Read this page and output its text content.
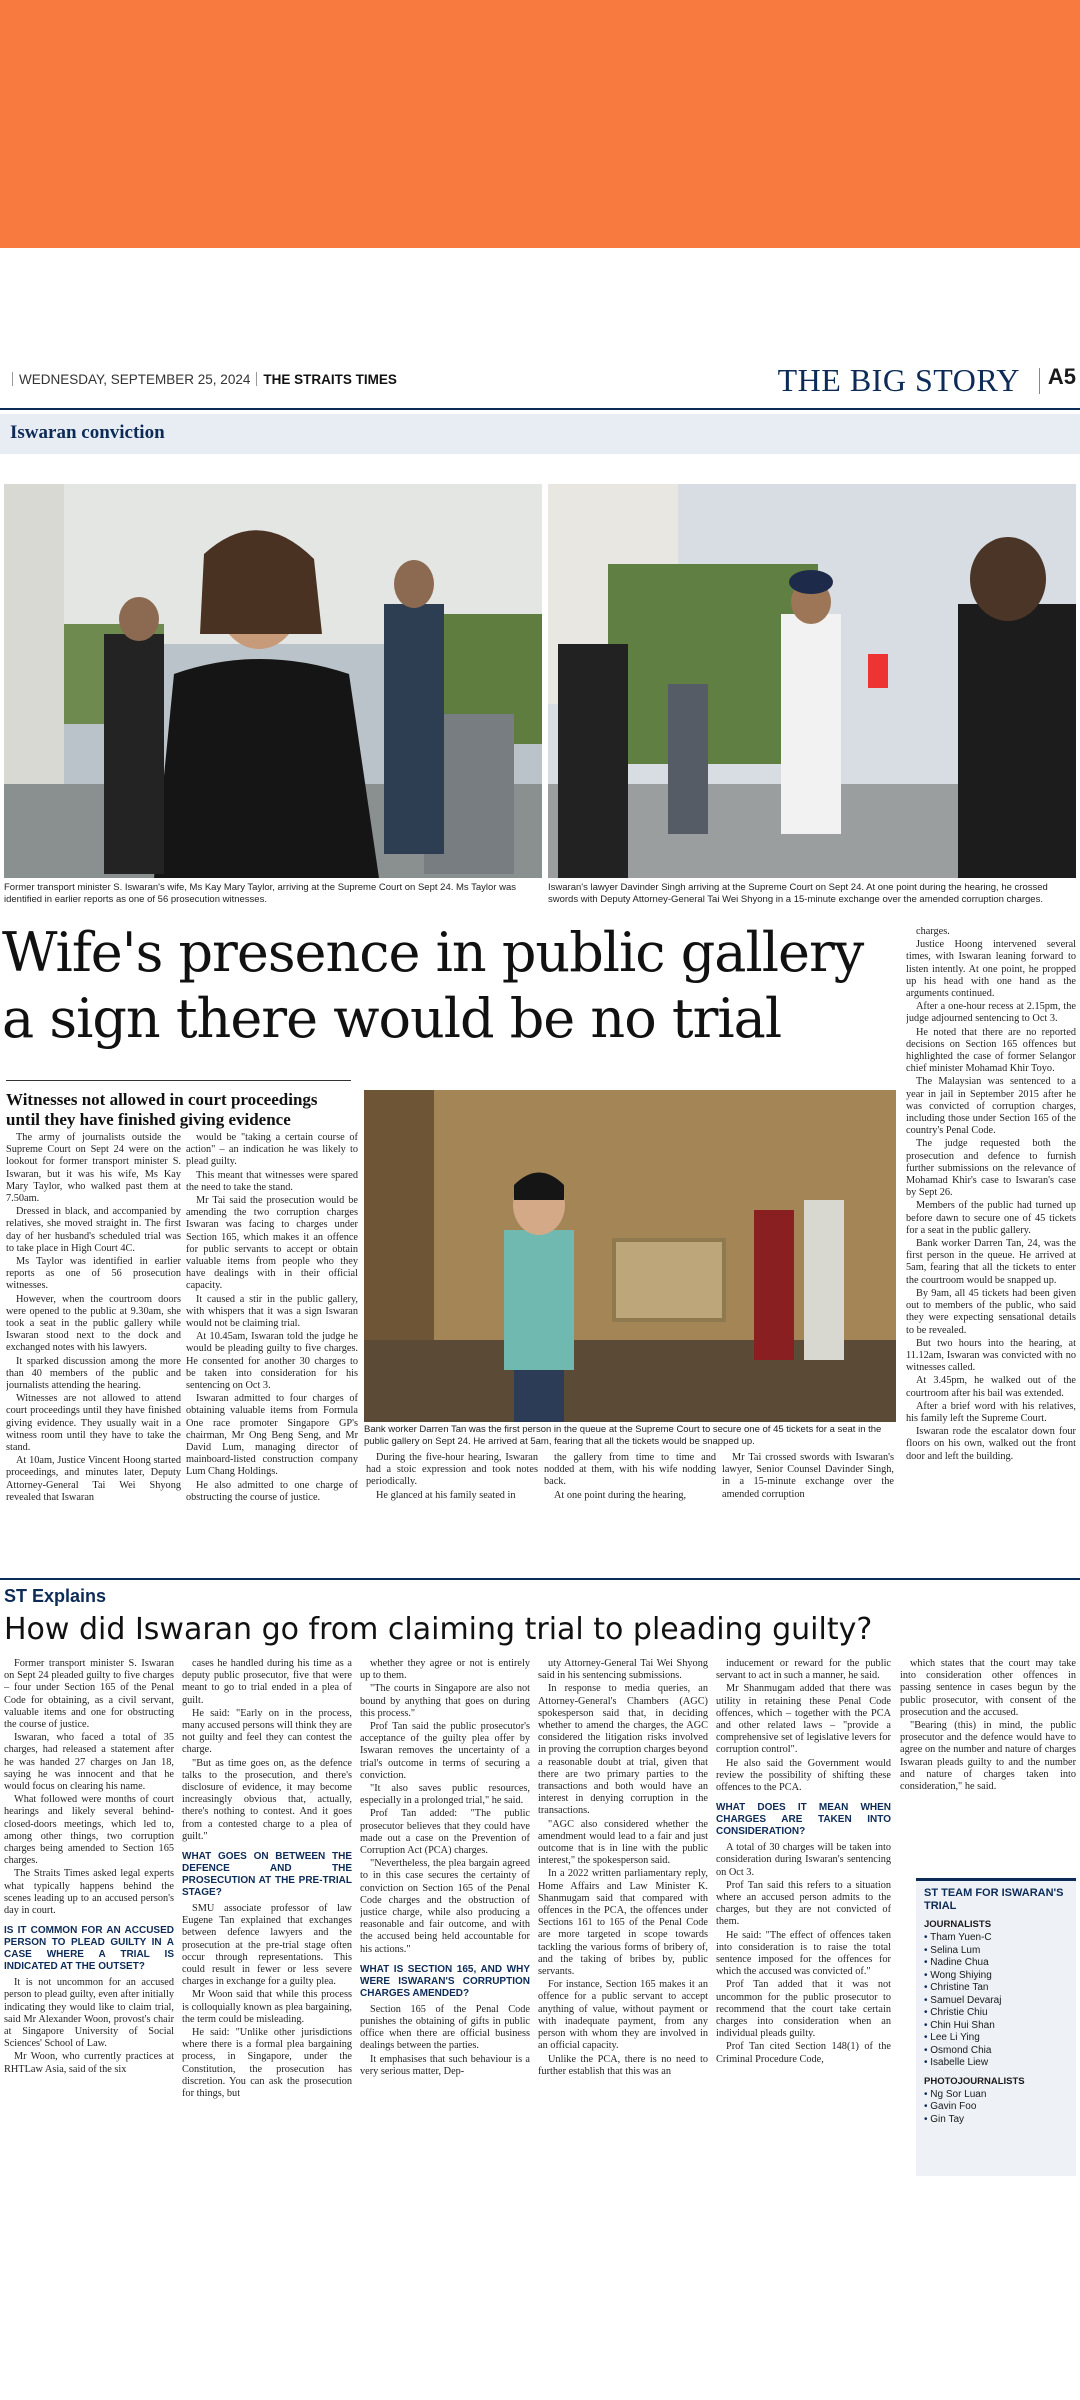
WEDNESDAY, SEPTEMBER 25, 2024 THE STRAITS TIMES	THE BIG STORY A5
Iswaran conviction
Former transport minister S. Iswaran's wife, Ms Kay Mary Taylor, arriving at the Supreme Court on Sept 24. Ms Taylor was identified in earlier reports as one of 56 prosecution witnesses.
Iswaran's lawyer Davinder Singh arriving at the Supreme Court on Sept 24. At one point during the hearing, he crossed swords with Deputy Attorney-General Tai Wei Shyong in a 15-minute exchange over the amended corruption charges.
Wife's presence in public gallery
a sign there would be no trial
Witnesses not allowed in court proceedings until they have finished giving evidence
Bank worker Darren Tan was the first person in the queue at the Supreme Court to secure one of 45 tickets for a seat in the public gallery on Sept 24. He arrived at 5am, fearing that all the tickets would be snapped up.

The army of journalists outside the Supreme Court on Sept 24 were on the lookout for former transport minister S. Iswaran, but it was his wife, Ms Kay Mary Taylor, who walked past them at 7.50am.

Dressed in black, and accompanied by relatives, she moved straight in. The first day of her husband's scheduled trial was to take place in High Court 4C.

Ms Taylor was identified in earlier reports as one of 56 prosecution witnesses.

However, when the courtroom doors were opened to the public at 9.30am, she took a seat in the public gallery while Iswaran stood next to the dock and exchanged notes with his lawyers.

It sparked discussion among the more than 40 members of the public and journalists attending the hearing.

Witnesses are not allowed to attend court proceedings until they have finished giving evidence. They usually wait in a witness room until they have to take the stand.

At 10am, Justice Vincent Hoong started proceedings, and minutes later, Deputy Attorney-General Tai Wei Shyong revealed that Iswaran

would be "taking a certain course of action" – an indication he was likely to plead guilty.

This meant that witnesses were spared the need to take the stand.

Mr Tai said the prosecution would be amending the two corruption charges Iswaran was facing to charges under Section 165, which makes it an offence for public servants to accept or obtain valuable items from people who they have dealings with in their official capacity.

It caused a stir in the public gallery, with whispers that it was a sign Iswaran would not be claiming trial.

At 10.45am, Iswaran told the judge he would be pleading guilty to five charges. He consented for another 30 charges to be taken into consideration for his sentencing on Oct 3.

Iswaran admitted to four charges of obtaining valuable items from Formula One race promoter Singapore GP's chairman, Mr Ong Beng Seng, and Mr David Lum, managing director of mainboard-listed construction company Lum Chang Holdings.

He also admitted to one charge of obstructing the course of justice.

During the five-hour hearing, Iswaran had a stoic expression and took notes periodically.

He glanced at his family seated in

the gallery from time to time and nodded at them, with his wife nodding back.

At one point during the hearing,

Mr Tai crossed swords with Iswaran's lawyer, Senior Counsel Davinder Singh, in a 15-minute exchange over the amended corruption

charges.

Justice Hoong intervened several times, with Iswaran leaning forward to listen intently. At one point, he propped up his head with one hand as the arguments continued.

After a one-hour recess at 2.15pm, the judge adjourned sentencing to Oct 3.

He noted that there are no reported decisions on Section 165 offences but highlighted the case of former Selangor chief minister Mohamad Khir Toyo.

The Malaysian was sentenced to a year in jail in September 2015 after he was convicted of corruption charges, including those under Section 165 of the country's Penal Code.

The judge requested both the prosecution and defence to furnish further submissions on the relevance of Mohamad Khir's case to Iswaran's case by Sept 26.

Members of the public had turned up before dawn to secure one of 45 tickets for a seat in the public gallery.

Bank worker Darren Tan, 24, was the first person in the queue. He arrived at 5am, fearing that all the tickets to enter the courtroom would be snapped up.

By 9am, all 45 tickets had been given out to members of the public, who said they were expecting sensational details to be revealed.

But two hours into the hearing, at 11.12am, Iswaran was convicted with no witnesses called.

At 3.45pm, he walked out of the courtroom after his bail was extended.

After a brief word with his relatives, his family left the Supreme Court.

Iswaran rode the escalator down four floors on his own, walked out the front door and left the building.

ST Explains
How did Iswaran go from claiming trial to pleading guilty?

Former transport minister S. Iswaran on Sept 24 pleaded guilty to five charges – four under Section 165 of the Penal Code for obtaining, as a civil servant, valuable items and one for obstructing the course of justice.

Iswaran, who faced a total of 35 charges, had released a statement after he was handed 27 charges on Jan 18, saying he was innocent and that he would focus on clearing his name.

What followed were months of court hearings and likely several behind-closed-doors meetings, which led to, among other things, two corruption charges being amended to Section 165 charges.

The Straits Times asked legal experts what typically happens behind the scenes leading up to an accused person's day in court.

IS IT COMMON FOR AN ACCUSED PERSON TO PLEAD GUILTY IN A CASE WHERE A TRIAL IS INDICATED AT THE OUTSET?

It is not uncommon for an accused person to plead guilty, even after initially indicating they would like to claim trial, said Mr Alexander Woon, provost's chair at Singapore University of Social Sciences' School of Law.

Mr Woon, who currently practices at RHTLaw Asia, said of the six

cases he handled during his time as a deputy public prosecutor, five that were meant to go to trial ended in a plea of guilt.

He said: "Early on in the process, many accused persons will think they are not guilty and feel they can contest the charge.

"But as time goes on, as the defence talks to the prosecution, and there's disclosure of evidence, it may become increasingly obvious that, actually, there's nothing to contest. And it goes from a contested charge to a plea of guilt."

WHAT GOES ON BETWEEN THE DEFENCE AND THE PROSECUTION AT THE PRE-TRIAL STAGE?

SMU associate professor of law Eugene Tan explained that exchanges between defence lawyers and the prosecution at the pre-trial stage often occur through representations. This could result in fewer or less severe charges in exchange for a guilty plea.

Mr Woon said that while this process is colloquially known as plea bargaining, the term could be misleading.

He said: "Unlike other jurisdictions where there is a formal plea bargaining process, in Singapore, under the Constitution, the prosecution has discretion. You can ask the prosecution for things, but

whether they agree or not is entirely up to them.

"The courts in Singapore are also not bound by anything that goes on during this process."

Prof Tan said the public prosecutor's acceptance of the guilty plea offer by Iswaran removes the uncertainty of a trial's outcome in terms of securing a conviction.

"It also saves public resources, especially in a prolonged trial," he said.

Prof Tan added: "The public prosecutor believes that they could have made out a case on the Prevention of Corruption Act (PCA) charges.

"Nevertheless, the plea bargain agreed to in this case secures the certainty of conviction on Section 165 of the Penal Code charges and the obstruction of justice charge, while also producing a reasonable and fair outcome, and with the accused being held accountable for his actions."

WHAT IS SECTION 165, AND WHY WERE ISWARAN'S CORRUPTION CHARGES AMENDED?

Section 165 of the Penal Code punishes the obtaining of gifts in public office when there are official business dealings between the parties.

It emphasises that such behaviour is a very serious matter, Dep-

uty Attorney-General Tai Wei Shyong said in his sentencing submissions.

In response to media queries, an Attorney-General's Chambers (AGC) spokesperson said that, in deciding whether to amend the charges, the AGC considered the litigation risks involved in proving the corruption charges beyond a reasonable doubt at trial, given that there are two primary parties to the transactions and both would have an interest in denying corruption in the transactions.

"AGC also considered whether the amendment would lead to a fair and just outcome that is in line with the public interest," the spokesperson said.

In a 2022 written parliamentary reply, Home Affairs and Law Minister K. Shanmugam said that compared with offences in the PCA, the offences under Sections 161 to 165 of the Penal Code are more targeted in scope towards tackling the various forms of bribery of, and the taking of bribes by, public servants.

For instance, Section 165 makes it an offence for a public servant to accept anything of value, without payment or with inadequate payment, from any person with whom they are involved in an official capacity.

Unlike the PCA, there is no need to further establish that this was an

inducement or reward for the public servant to act in such a manner, he said.

Mr Shanmugam added that there was utility in retaining these Penal Code offences, which – together with the PCA and other related laws – "provide a comprehensive set of legislative levers for corruption control".

He also said the Government would review the possibility of shifting these offences to the PCA.

WHAT DOES IT MEAN WHEN CHARGES ARE TAKEN INTO CONSIDERATION?

A total of 30 charges will be taken into consideration during Iswaran's sentencing on Oct 3.

Prof Tan said this refers to a situation where an accused person admits to the charges, but they are not convicted of them.

He said: "The effect of offences taken into consideration is to raise the total sentence imposed for the offences for which the accused was convicted of."

Prof Tan added that it was not uncommon for the public prosecutor to recommend that the court take certain charges into consideration when an individual pleads guilty.

Prof Tan cited Section 148(1) of the Criminal Procedure Code,

which states that the court may take into consideration other offences in passing sentence in cases begun by the public prosecutor, with consent of the prosecution and the accused.

"Bearing (this) in mind, the public prosecutor and the defence would have to agree on the number and nature of charges Iswaran pleads guilty to and the number and nature of charges taken into consideration," he said.

ST TEAM FOR ISWARAN'S TRIAL
JOURNALISTS
• Tham Yuen-C
• Selina Lum
• Nadine Chua
• Wong Shiying
• Christine Tan
• Samuel Devaraj
• Christie Chiu
• Chin Hui Shan
• Lee Li Ying
• Osmond Chia
• Isabelle Liew
PHOTOJOURNALISTS
• Ng Sor Luan
• Gavin Foo
• Gin Tay
